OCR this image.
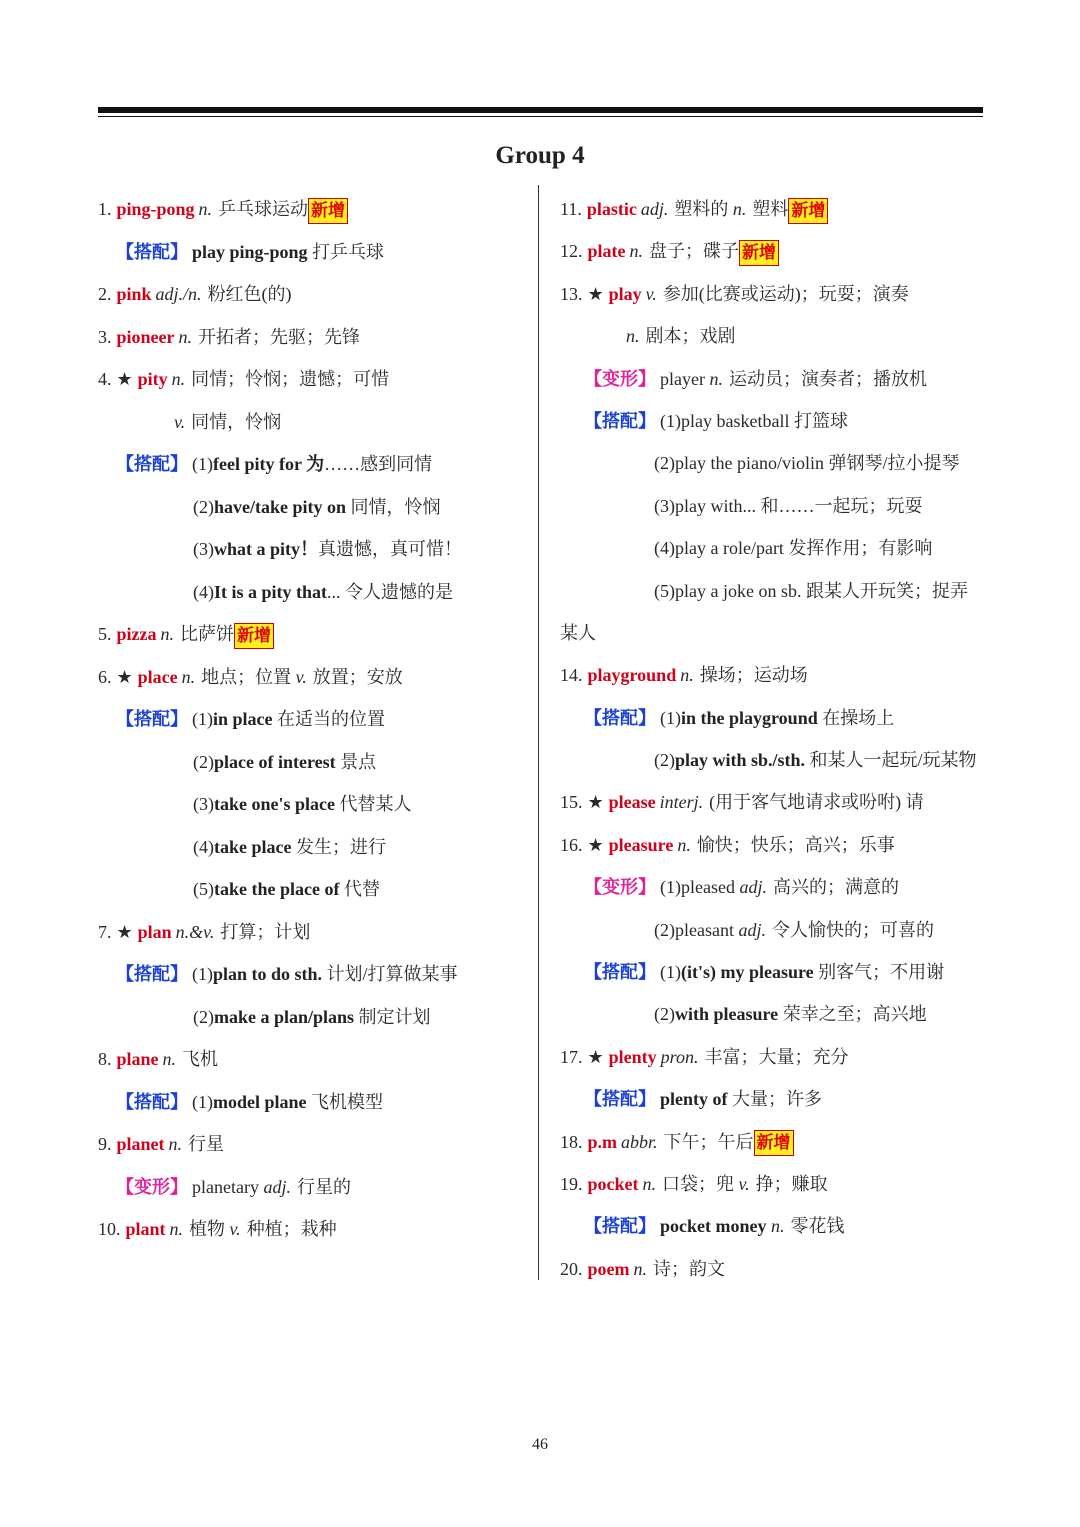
Group 4
1. ping-pong n. 乒乓球运动 新增
【搭配】 play ping-pong 打乒乓球
2. pink adj./n. 粉红色(的)
3. pioneer n. 开拓者；先驱；先锋
4. ★ pity n. 同情；怜悯；遗憾；可惜
v. 同情，怜悯
【搭配】 (1)feel pity for 为……感到同情
(2)have/take pity on 同情，怜悯
(3)what a pity！真遗憾，真可惜！
(4)It is a pity that... 令人遗憾的是
5. pizza n. 比萨饼 新增
6. ★ place n. 地点；位置 v. 放置；安放
【搭配】 (1)in place 在适当的位置
(2)place of interest 景点
(3)take one's place 代替某人
(4)take place 发生；进行
(5)take the place of 代替
7. ★ plan n.&v. 打算；计划
【搭配】 (1)plan to do sth. 计划/打算做某事
(2)make a plan/plans 制定计划
8. plane n. 飞机
【搭配】 (1)model plane 飞机模型
9. planet n. 行星
【变形】 planetary adj. 行星的
10. plant n. 植物 v. 种植；栽种
11. plastic adj. 塑料的 n. 塑料 新增
12. plate n. 盘子；碟子 新增
13. ★ play v. 参加(比赛或运动)；玩耍；演奏
n. 剧本；戏剧
【变形】 player n. 运动员；演奏者；播放机
【搭配】 (1)play basketball 打篮球
(2)play the piano/violin 弹钢琴/拉小提琴
(3)play with... 和……一起玩；玩耍
(4)play a role/part 发挥作用；有影响
(5)play a joke on sb. 跟某人开玩笑；捉弄
某人
14. playground n. 操场；运动场
【搭配】 (1)in the playground 在操场上
(2)play with sb./sth. 和某人一起玩/玩某物
15. ★ please interj. (用于客气地请求或吩咐) 请
16. ★ pleasure n. 愉快；快乐；高兴；乐事
【变形】 (1)pleased adj. 高兴的；满意的
(2)pleasant adj. 令人愉快的；可喜的
【搭配】 (1)(it's) my pleasure 别客气；不用谢
(2)with pleasure 荣幸之至；高兴地
17. ★ plenty pron. 丰富；大量；充分
【搭配】 plenty of 大量；许多
18. p.m abbr. 下午；午后 新增
19. pocket n. 口袋；兜 v. 挣；赚取
【搭配】 pocket money n. 零花钱
20. poem n. 诗；韵文
46
